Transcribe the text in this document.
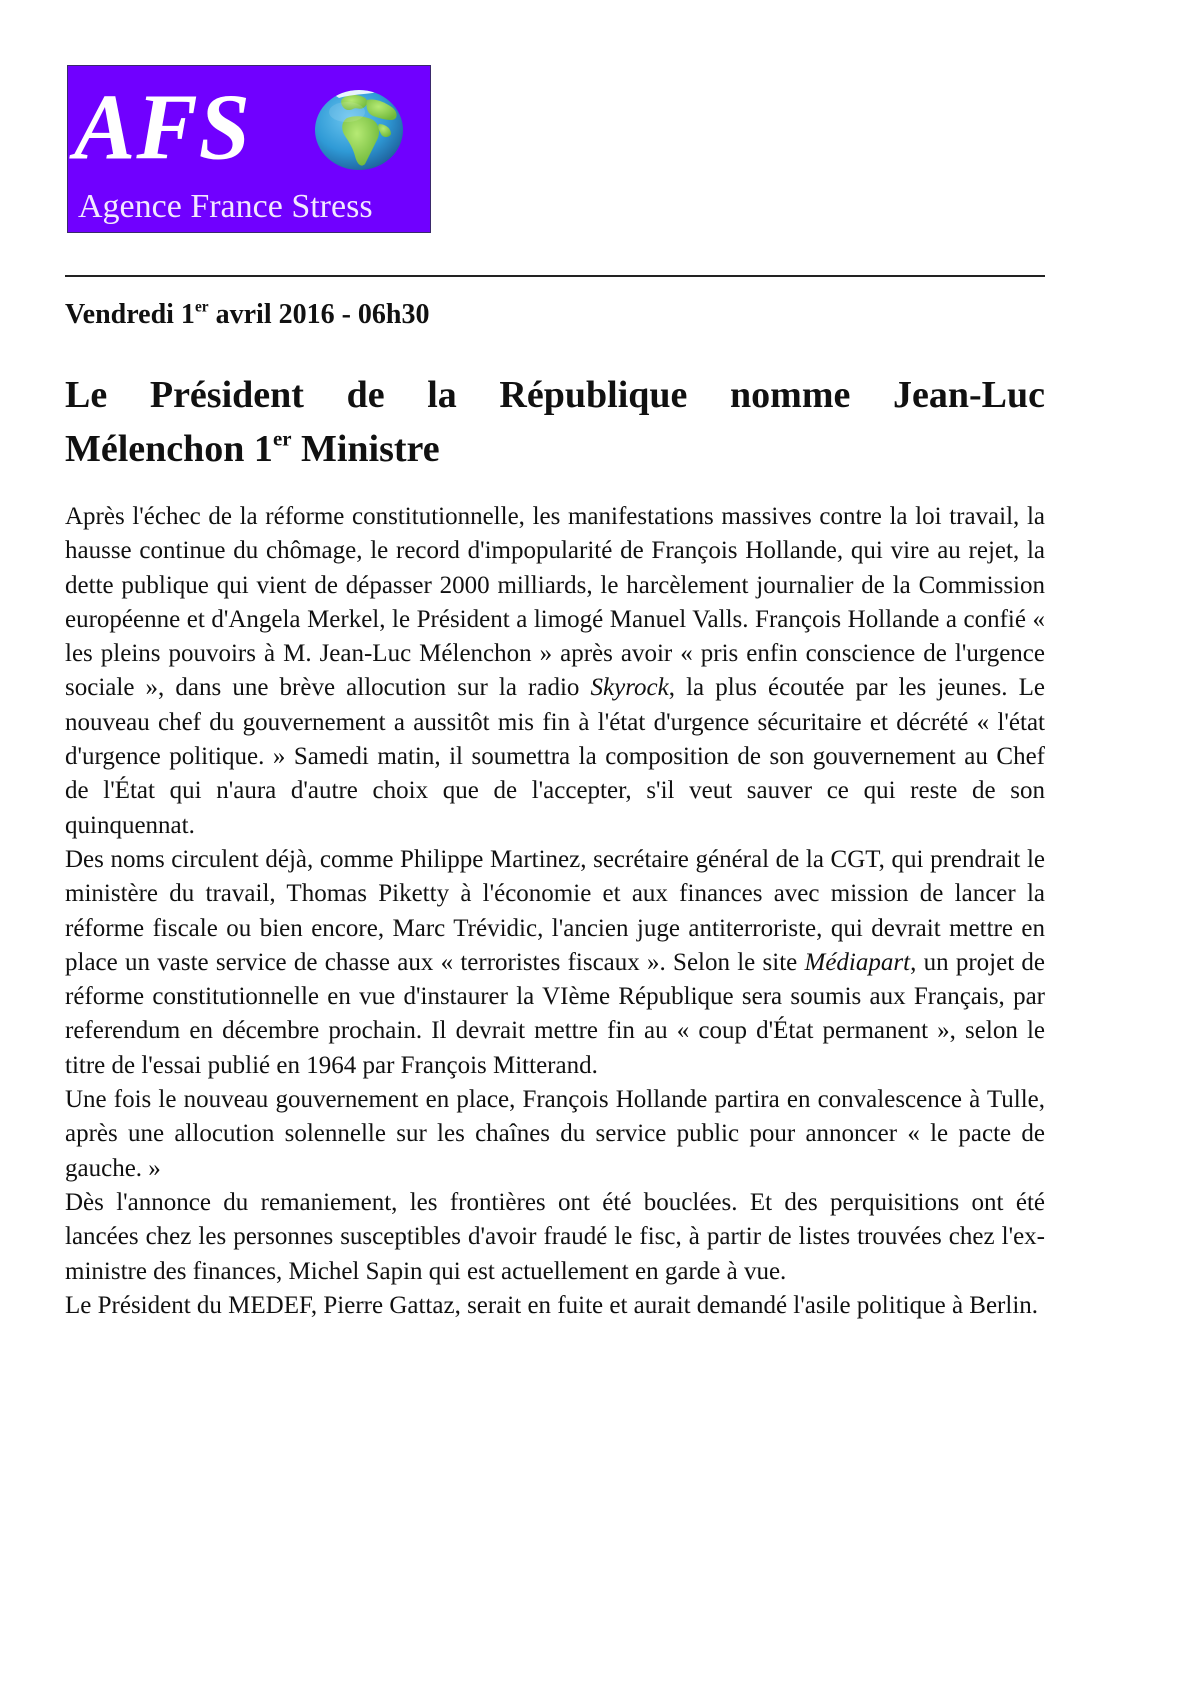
AFS
Agence France Stress
Vendredi 1er avril 2016 - 06h30
Le Président de la République nomme Jean-Luc
Mélenchon 1er Ministre

Après l'échec de la réforme constitutionnelle, les manifestations massives contre la loi travail, la hausse continue du chômage, le record d'impopularité de François Hollande, qui vire au rejet, la dette publique qui vient de dépasser 2000 milliards, le harcèlement journalier de la Commission européenne et d'Angela Merkel, le Président a limogé Manuel Valls. François Hollande a confié « les pleins pouvoirs à M. Jean-Luc Mélenchon » après avoir « pris enfin conscience de l'urgence sociale », dans une brève allocution sur la radio Skyrock, la plus écoutée par les jeunes. Le nouveau chef du gouvernement a aussitôt mis fin à l'état d'urgence sécuritaire et décrété « l'état d'urgence politique. » Samedi matin, il soumettra la composition de son gouvernement au Chef de l'État qui n'aura d'autre choix que de l'accepter, s'il veut sauver ce qui reste de son quinquennat.

Des noms circulent déjà, comme Philippe Martinez, secrétaire général de la CGT, qui prendrait le ministère du travail, Thomas Piketty à l'économie et aux finances avec mission de lancer la réforme fiscale ou bien encore, Marc Trévidic, l'ancien juge antiterroriste, qui devrait mettre en place un vaste service de chasse aux « terroristes fiscaux ». Selon le site Médiapart, un projet de réforme constitutionnelle en vue d'instaurer la VIème République sera soumis aux Français, par referendum en décembre prochain. Il devrait mettre fin au « coup d'État permanent », selon le titre de l'essai publié en 1964 par François Mitterand.

Une fois le nouveau gouvernement en place, François Hollande partira en convalescence à Tulle, après une allocution solennelle sur les chaînes du service public pour annoncer « le pacte de gauche. »

Dès l'annonce du remaniement, les frontières ont été bouclées. Et des perquisitions ont été lancées chez les personnes susceptibles d'avoir fraudé le fisc, à partir de listes trouvées chez l'ex-ministre des finances, Michel Sapin qui est actuellement en garde à vue.

Le Président du MEDEF, Pierre Gattaz, serait en fuite et aurait demandé l'asile politique à Berlin.
